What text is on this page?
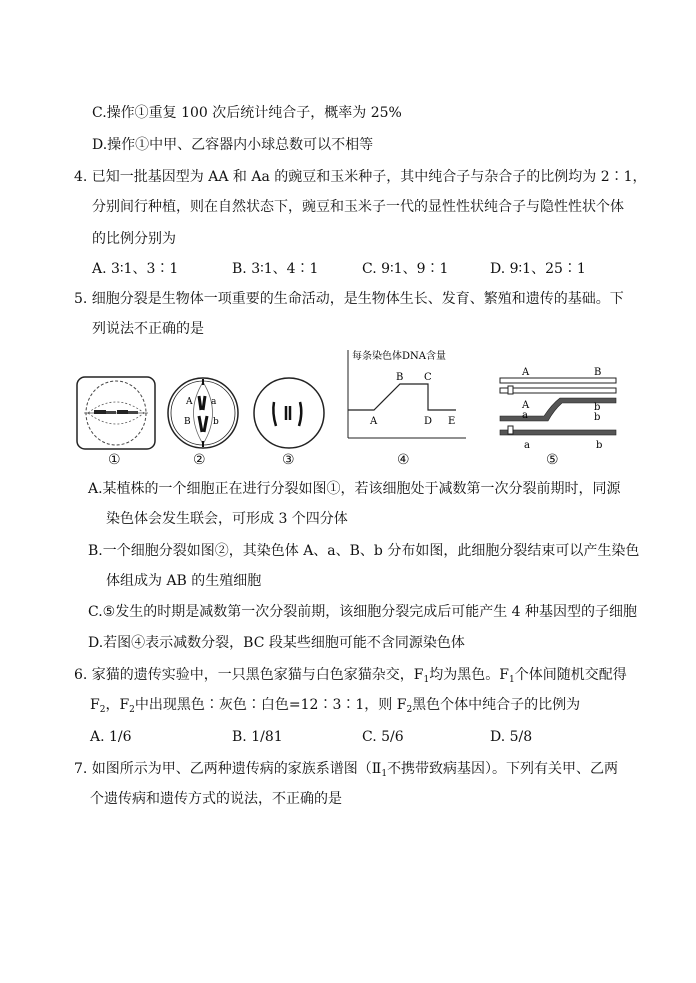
C.操作①重复 100 次后统计纯合子，概率为 25%
D.操作①中甲、乙容器内小球总数可以不相等
4. 已知一批基因型为 AA 和 Aa 的豌豆和玉米种子，其中纯合子与杂合子的比例均为 2∶1，
分别间行种植，则在自然状态下，豌豆和玉米子一代的显性性状纯合子与隐性性状个体
的比例分别为
A. 3∶1、3∶1	B. 3∶1、4∶1	C. 9∶1、9∶1	D. 9∶1、25∶1
5. 细胞分裂是生物体一项重要的生命活动，是生物体生长、发育、繁殖和遗传的基础。下
列说法不正确的是
①
A a
B b
②	③
每条染色体DNA含量
A
B C
D E
④
A	B
A	b
a	b
a	b
⑤
A.某植株的一个细胞正在进行分裂如图①，若该细胞处于减数第一次分裂前期时，同源
染色体会发生联会，可形成 3 个四分体
B.一个细胞分裂如图②，其染色体 A、a、B、b 分布如图，此细胞分裂结束可以产生染色
体组成为 AB 的生殖细胞
C.⑤发生的时期是减数第一次分裂前期，该细胞分裂完成后可能产生 4 种基因型的子细胞
D.若图④表示减数分裂，BC 段某些细胞可能不含同源染色体
6. 家猫的遗传实验中，一只黑色家猫与白色家猫杂交，$F_1$均为黑色。$F_1$个体间随机交配得
$F_2$，$F_2$中出现黑色∶灰色∶白色=12∶3∶1，则 $F_2$黑色个体中纯合子的比例为
A. 1/6	B. 1/81	C. 5/6	D. 5/8
7. 如图所示为甲、乙两种遗传病的家族系谱图（$Ⅱ_1$不携带致病基因）。下列有关甲、乙两
个遗传病和遗传方式的说法，不正确的是
